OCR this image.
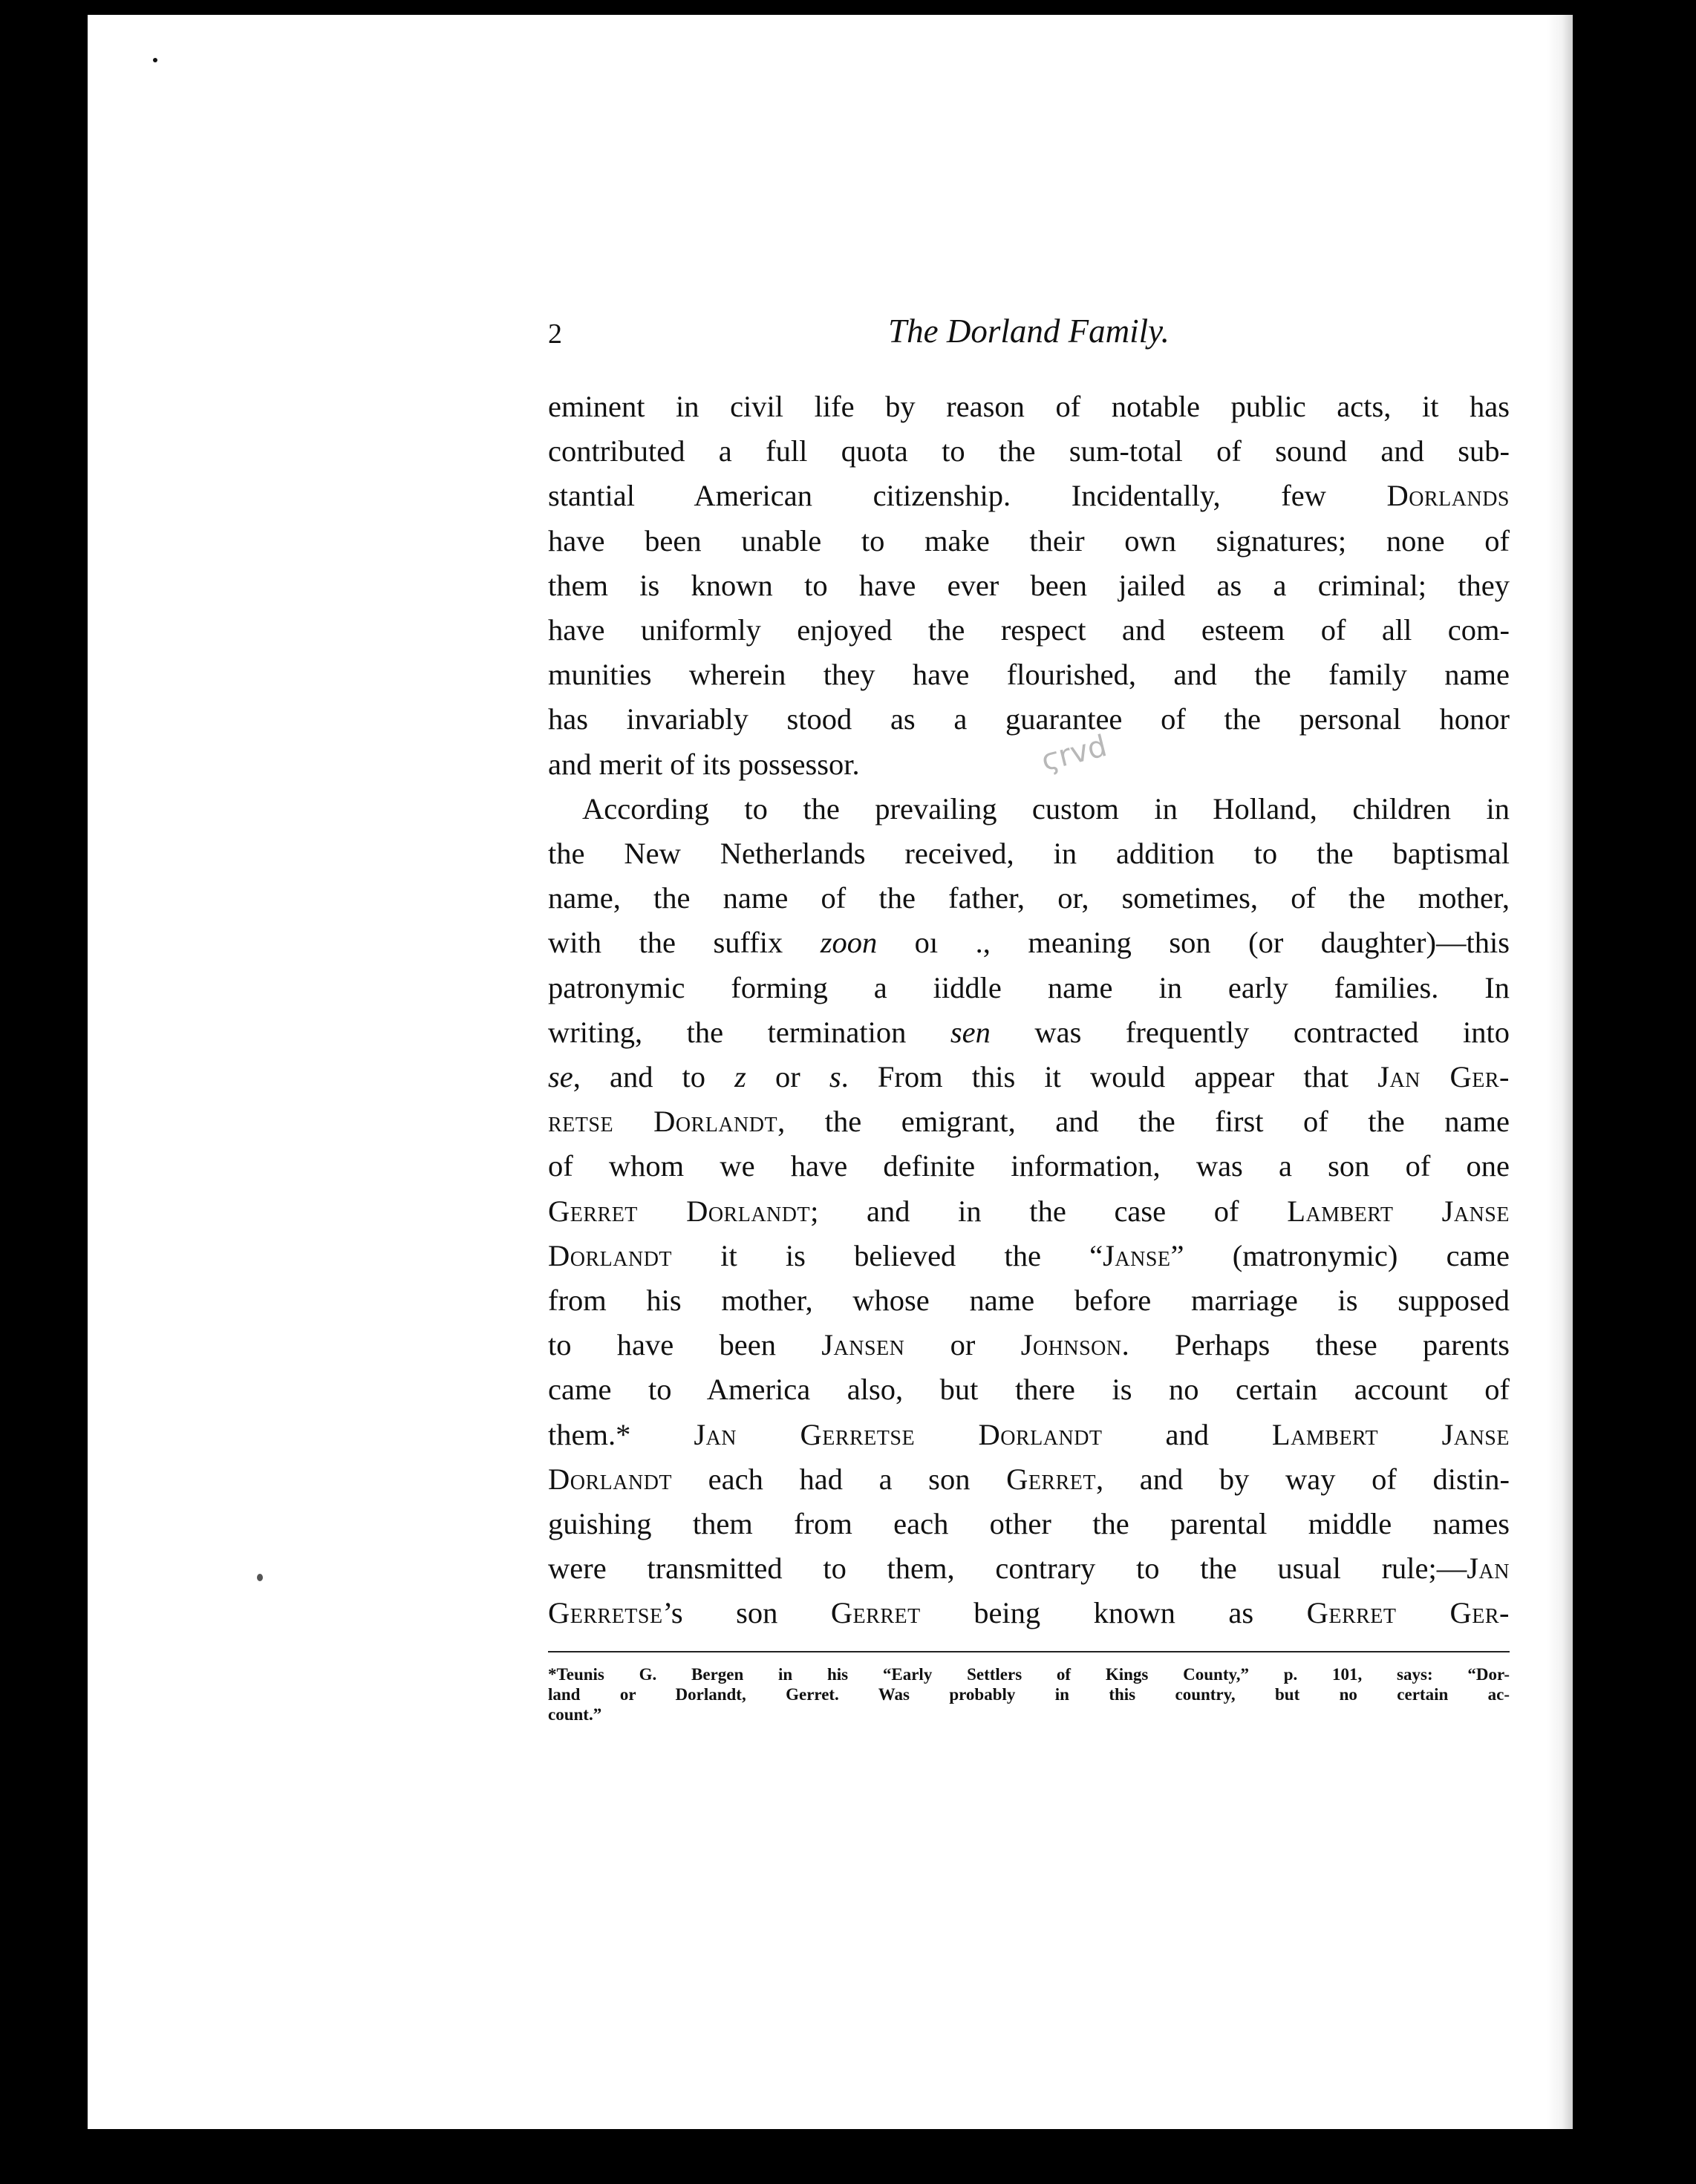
2	The Dorland Family.
eminent in civil life by reason of notable public acts, it has
contributed a full quota to the sum-total of sound and sub-
stantial American citizenship. Incidentally, few Dorlands
have been unable to make their own signatures; none of
them is known to have ever been jailed as a criminal; they
have uniformly enjoyed the respect and esteem of all com-
munities wherein they have flourished, and the family name
has invariably stood as a guarantee of the personal honor
and merit of its possessor.
According to the prevailing custom in Holland, children in
the New Netherlands received, in addition to the baptismal
name, the name of the father, or, sometimes, of the mother,
with the suffix zoon oı ., meaning son (or daughter)—this
patronymic forming a iiddle name in early families. In
writing, the termination sen was frequently contracted into
se, and to z or s. From this it would appear that Jan Ger-
retse Dorlandt, the emigrant, and the first of the name
of whom we have definite information, was a son of one
Gerret Dorlandt; and in the case of Lambert Janse
Dorlandt it is believed the “Janse” (matronymic) came
from his mother, whose name before marriage is supposed
to have been Jansen or Johnson. Perhaps these parents
came to America also, but there is no certain account of
them.* Jan Gerretse Dorlandt and Lambert Janse
Dorlandt each had a son Gerret, and by way of distin-
guishing them from each other the parental middle names
were transmitted to them, contrary to the usual rule;—Jan
Gerretse’s son Gerret being known as Gerret Ger-
ϛrvd
*Teunis G. Bergen in his “Early Settlers of Kings County,” p. 101, says: “Dor-
land or Dorlandt, Gerret. Was probably in this country, but no certain ac-
count.”
